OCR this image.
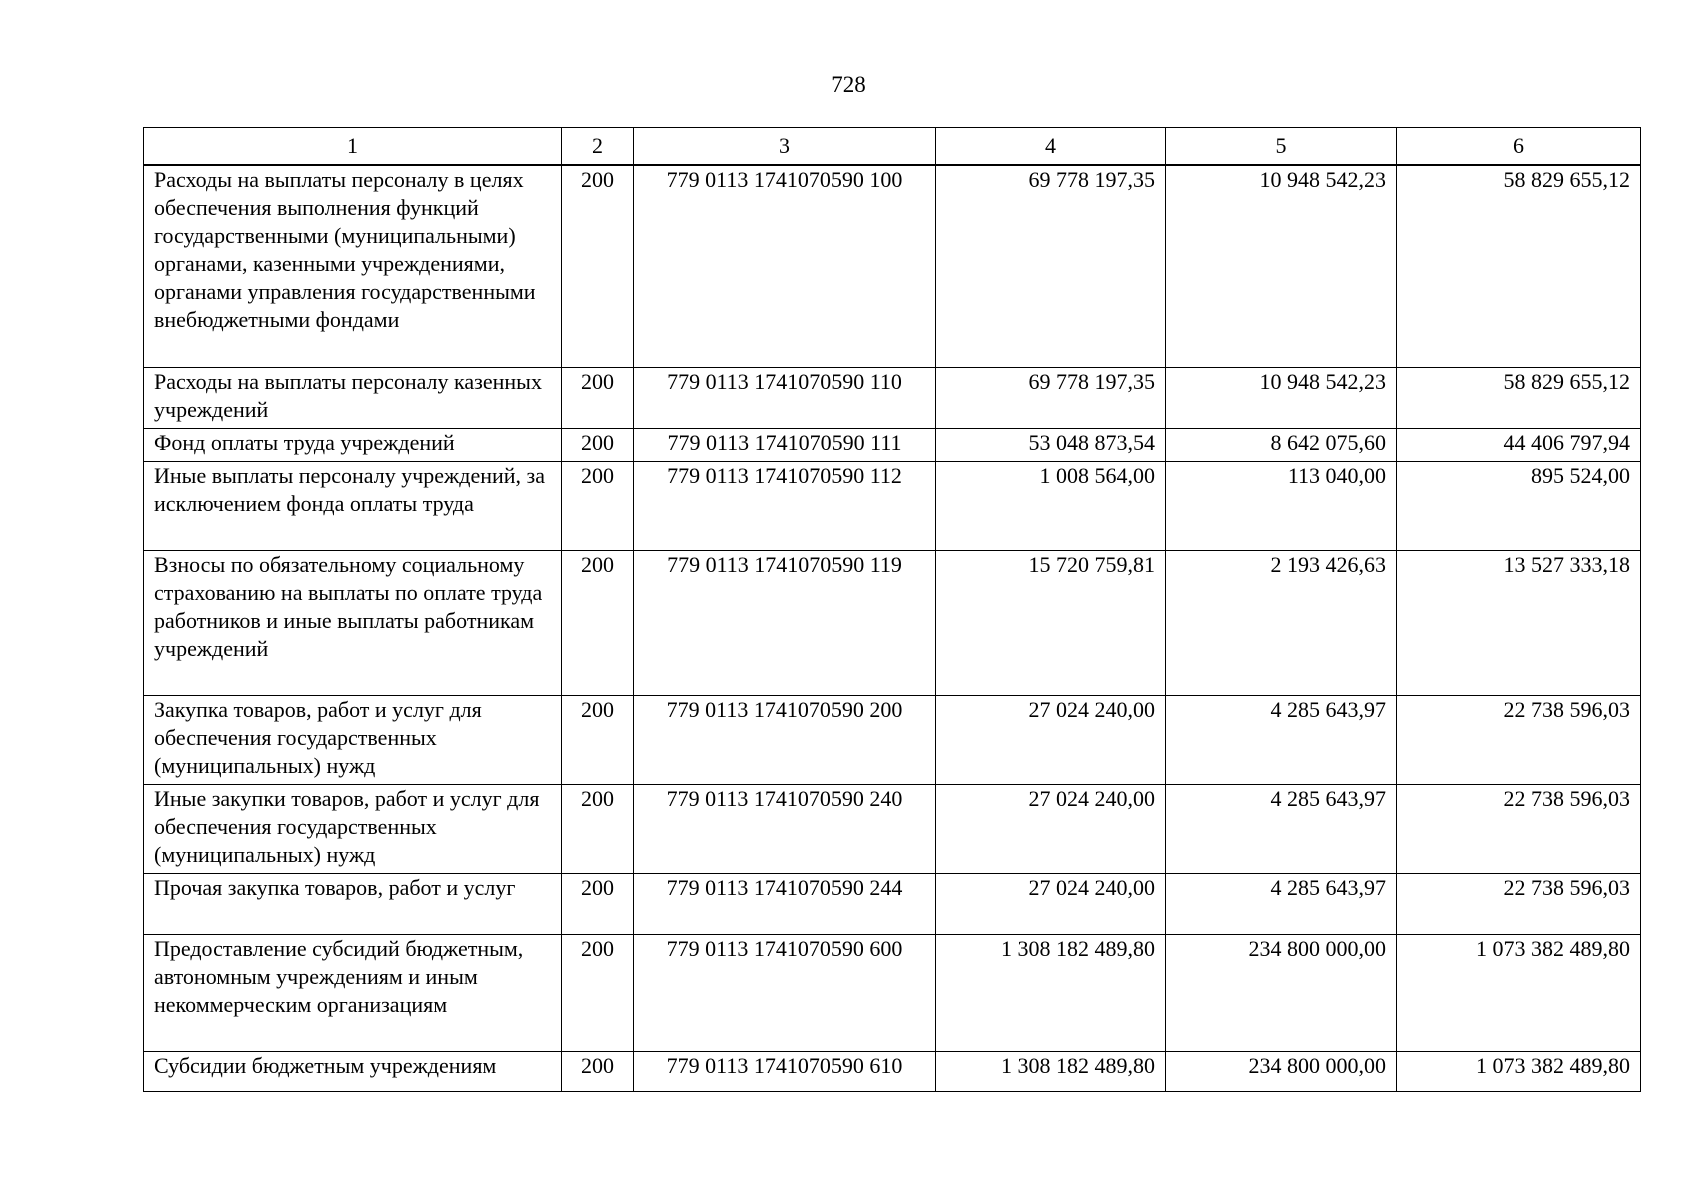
728
1	2	3	4	5	6
Расходы на выплаты персоналу в целях обеспечения выполнения функций государственными (муниципальными) органами, казенными учреждениями, органами управления государственными внебюджетными фондами	200	779 0113 1741070590 100	69 778 197,35	10 948 542,23	58 829 655,12
Расходы на выплаты персоналу казенных учреждений	200	779 0113 1741070590 110	69 778 197,35	10 948 542,23	58 829 655,12
Фонд оплаты труда учреждений	200	779 0113 1741070590 111	53 048 873,54	8 642 075,60	44 406 797,94
Иные выплаты персоналу учреждений, за исключением фонда оплаты труда	200	779 0113 1741070590 112	1 008 564,00	113 040,00	895 524,00
Взносы по обязательному социальному страхованию на выплаты по оплате труда работников и иные выплаты работникам учреждений	200	779 0113 1741070590 119	15 720 759,81	2 193 426,63	13 527 333,18
Закупка товаров, работ и услуг для обеспечения государственных (муниципальных) нужд	200	779 0113 1741070590 200	27 024 240,00	4 285 643,97	22 738 596,03
Иные закупки товаров, работ и услуг для обеспечения государственных (муниципальных) нужд	200	779 0113 1741070590 240	27 024 240,00	4 285 643,97	22 738 596,03
Прочая закупка товаров, работ и услуг	200	779 0113 1741070590 244	27 024 240,00	4 285 643,97	22 738 596,03
Предоставление субсидий бюджетным, автономным учреждениям и иным некоммерческим организациям	200	779 0113 1741070590 600	1 308 182 489,80	234 800 000,00	1 073 382 489,80
Субсидии бюджетным учреждениям	200	779 0113 1741070590 610	1 308 182 489,80	234 800 000,00	1 073 382 489,80
